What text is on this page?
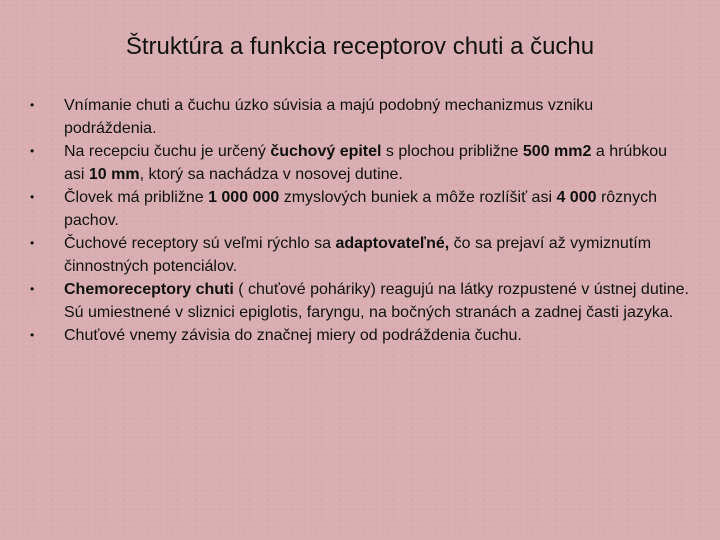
Štruktúra a funkcia receptorov chuti a čuchu
•	Vnímanie chuti a čuchu úzko súvisia a majú podobný mechanizmus vzniku podráždenia.
•	Na recepciu čuchu je určený čuchový epitel s plochou približne 500 mm2 a hrúbkou asi 10 mm, ktorý sa nachádza v nosovej dutine.
•	Človek má približne 1 000 000 zmyslových buniek a môže rozlíšiť asi 4 000 rôznych pachov.
•	Čuchové receptory sú veľmi rýchlo sa adaptovateľné, čo sa prejaví až vymiznutím činnostných potenciálov.
•	Chemoreceptory chuti ( chuťové poháriky) reagujú na látky rozpustené v ústnej dutine. Sú umiestnené v sliznici epiglotis, faryngu, na bočných stranách a zadnej časti jazyka.
•	Chuťové vnemy závisia do značnej miery od podráždenia čuchu.
